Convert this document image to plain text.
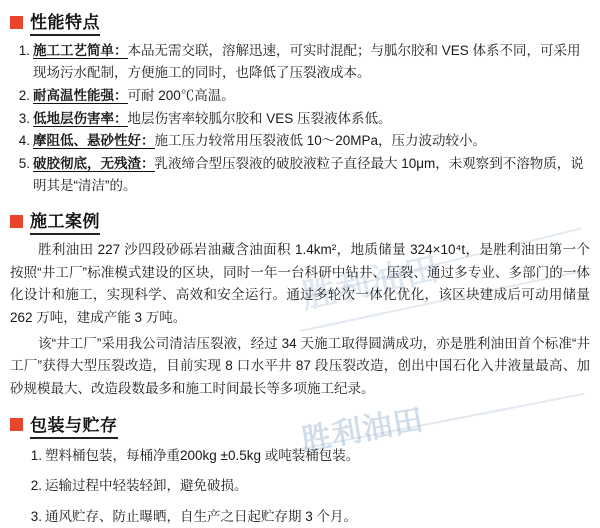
性能特点
1. 施工工艺简单：本品无需交联，溶解迅速，可实时混配；与胍尔胶和 VES 体系不同，可采用现场污水配制，方便施工的同时，也降低了压裂液成本。
2. 耐高温性能强：可耐 200℃高温。
3. 低地层伤害率：地层伤害率较胍尔胶和 VES 压裂液体系低。
4. 摩阻低、悬砂性好：施工压力较常用压裂液低 10～20MPa，压力波动较小。
5. 破胶彻底，无残渣：乳液缔合型压裂液的破胶液粒子直径最大 10μm，未观察到不溶物质，说明其是“清洁”的。
施工案例

胜利油田 227 沙四段砂砾岩油藏含油面积 1.4km²，地质储量 324×10⁴t，是胜利油田第一个按照“井工厂”标准模式建设的区块，同时一年一台科研中钻井、压裂、通过多专业、多部门的一体化设计和施工，实现科学、高效和安全运行。通过多轮次一体化优化，该区块建成后可动用储量 262 万吨，建成产能 3 万吨。

该“井工厂”采用我公司清洁压裂液，经过 34 天施工取得圆满成功，亦是胜利油田首个标准“井工厂”获得大型压裂改造，目前实现 8 口水平井 87 段压裂改造，创出中国石化入井液量最高、加砂规模最大、改造段数最多和施工时间最长等多项施工纪录。

包装与贮存
1. 塑料桶包装，每桶净重200kg ±0.5kg 或吨装桶包装。
2. 运输过程中轻装轻卸，避免破损。
3. 通风贮存、防止曝晒，自生产之日起贮存期 3 个月。
胜利油田
胜利油田
